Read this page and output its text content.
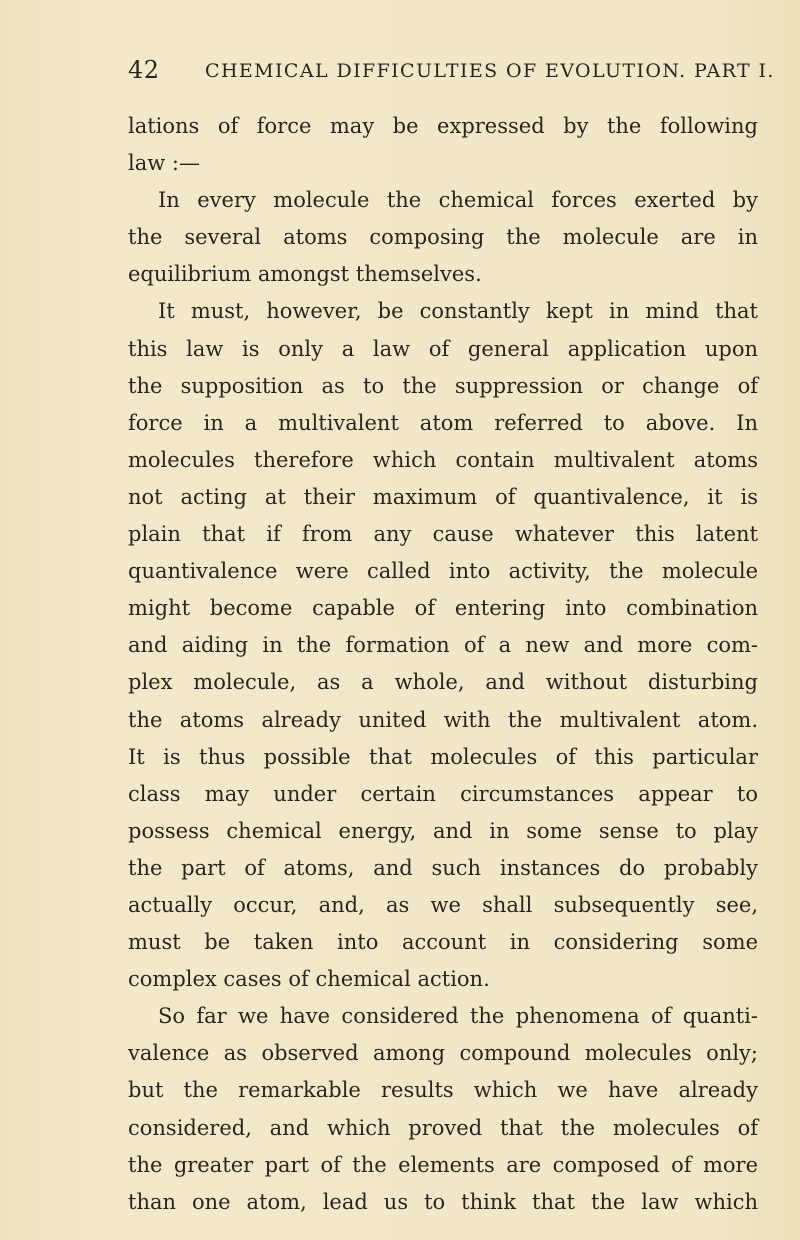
42 CHEMICAL DIFFICULTIES OF EVOLUTION. PART I.
lations of force may be expressed by the following
law :—
In every molecule the chemical forces exerted by
the several atoms composing the molecule are in
equilibrium amongst themselves.
It must, however, be constantly kept in mind that
this law is only a law of general application upon
the supposition as to the suppression or change of
force in a multivalent atom referred to above. In
molecules therefore which contain multivalent atoms
not acting at their maximum of quantivalence, it is
plain that if from any cause whatever this latent
quantivalence were called into activity, the molecule
might become capable of entering into combination
and aiding in the formation of a new and more com-
plex molecule, as a whole, and without disturbing
the atoms already united with the multivalent atom.
It is thus possible that molecules of this particular
class may under certain circumstances appear to
possess chemical energy, and in some sense to play
the part of atoms, and such instances do probably
actually occur, and, as we shall subsequently see,
must be taken into account in considering some
complex cases of chemical action.
So far we have considered the phenomena of quanti-
valence as observed among compound molecules only;
but the remarkable results which we have already
considered, and which proved that the molecules of
the greater part of the elements are composed of more
than one atom, lead us to think that the law which
